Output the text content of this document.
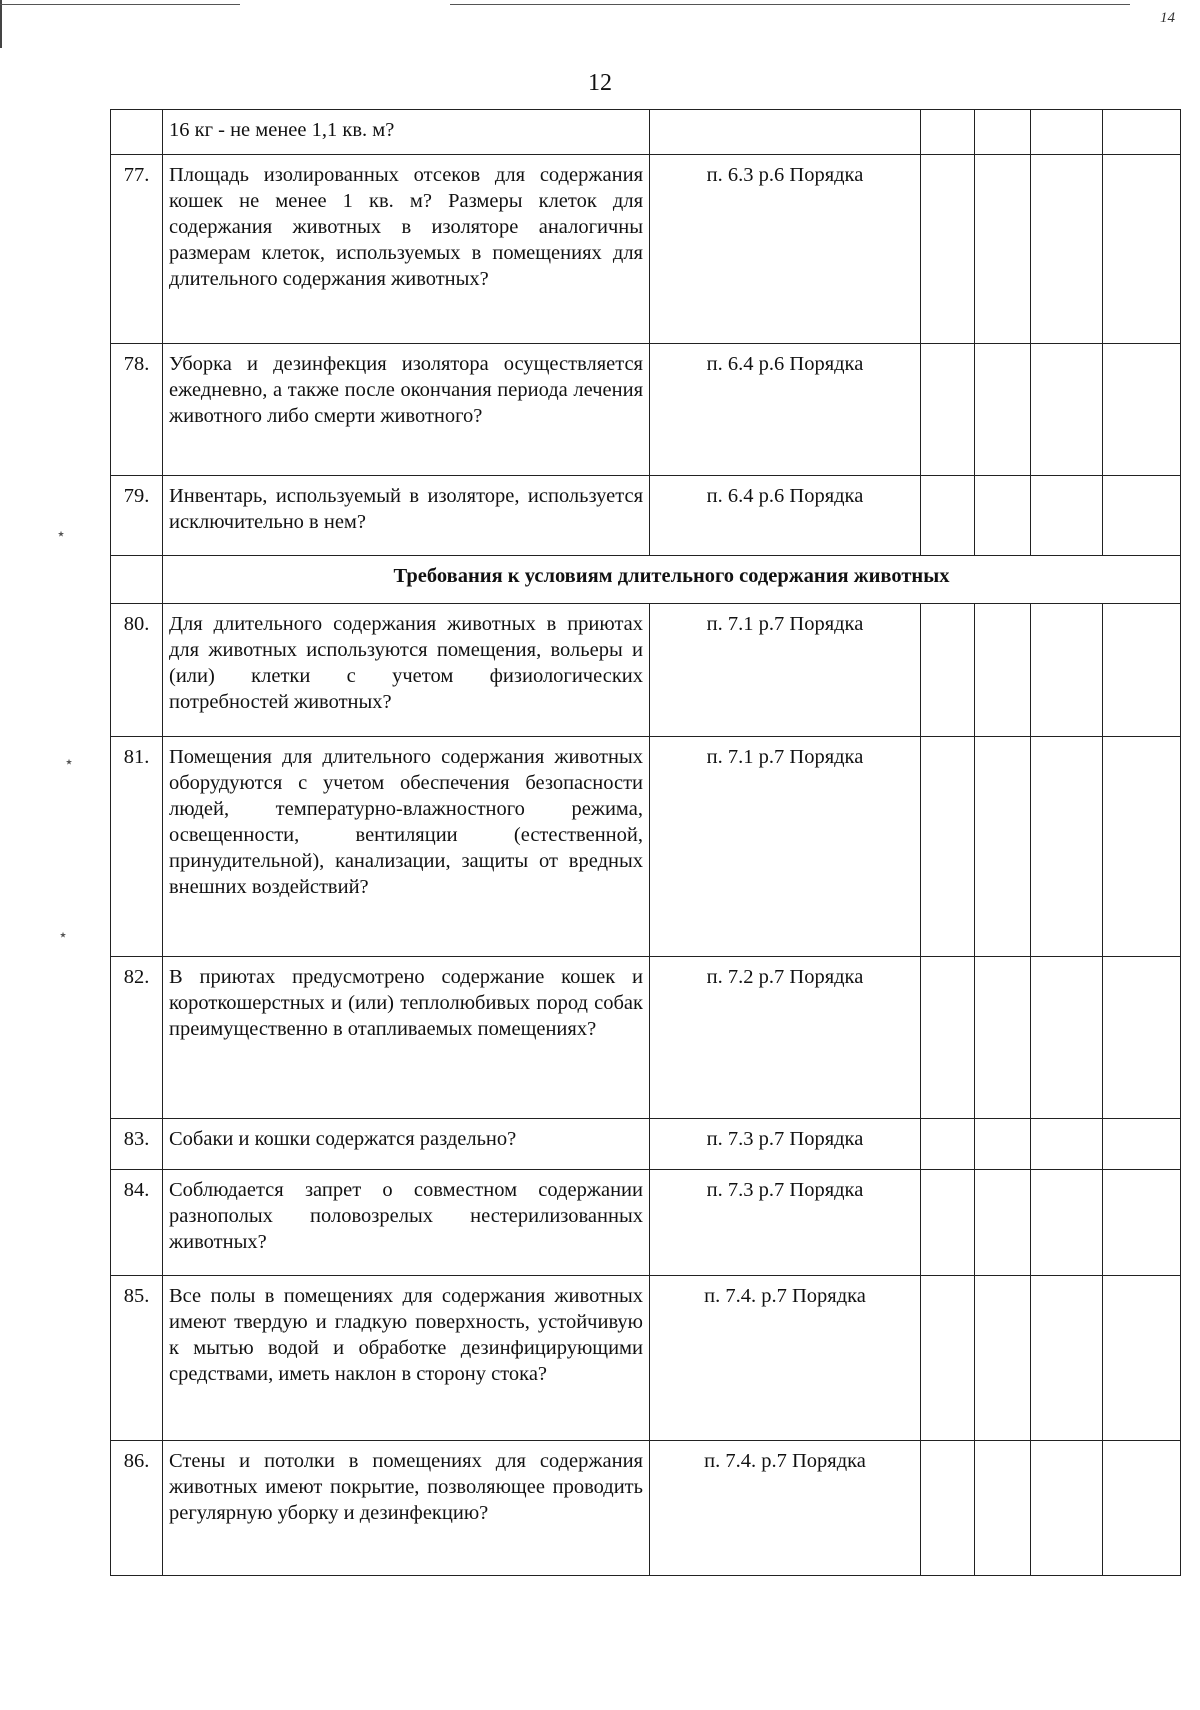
14
12
⋆
⋆
⋆
	16 кг - не менее 1,1 кв. м?					
77.	Площадь изолированных отсеков для содержания кошек не менее 1 кв. м? Размеры клеток для содержания животных в изоляторе аналогичны размерам клеток, используемых в помещениях для длительного содержания животных?	п. 6.3 р.6 Порядка				
78.	Уборка и дезинфекция изолятора осуществляется ежедневно, а также после окончания периода лечения животного либо смерти животного?	п. 6.4 р.6 Порядка				
79.	Инвентарь, используемый в изоляторе, используется исключительно в нем?	п. 6.4 р.6 Порядка				
	Требования к условиям длительного содержания животных					
80.	Для длительного содержания животных в приютах для животных используются помещения, вольеры и (или) клетки с учетом физиологических потребностей животных?	п. 7.1 р.7 Порядка				
81.	Помещения для длительного содержания животных оборудуются с учетом обеспечения безопасности людей, температурно-влажностного режима, освещенности, вентиляции (естественной, принудительной), канализации, защиты от вредных внешних воздействий?	п. 7.1 р.7 Порядка				
82.	В приютах предусмотрено содержание кошек и короткошерстных и (или) теплолюбивых пород собак преимущественно в отапливаемых помещениях?	п. 7.2 р.7 Порядка				
83.	Собаки и кошки содержатся раздельно?	п. 7.3 р.7 Порядка				
84.	Соблюдается запрет о совместном содержании разнополых половозрелых нестерилизованных животных?	п. 7.3 р.7 Порядка				
85.	Все полы в помещениях для содержания животных имеют твердую и гладкую поверхность, устойчивую к мытью водой и обработке дезинфицирующими средствами, иметь наклон в сторону стока?	п. 7.4. р.7 Порядка				
86.	Стены и потолки в помещениях для содержания животных имеют покрытие, позволяющее проводить регулярную уборку и дезинфекцию?	п. 7.4. р.7 Порядка				
